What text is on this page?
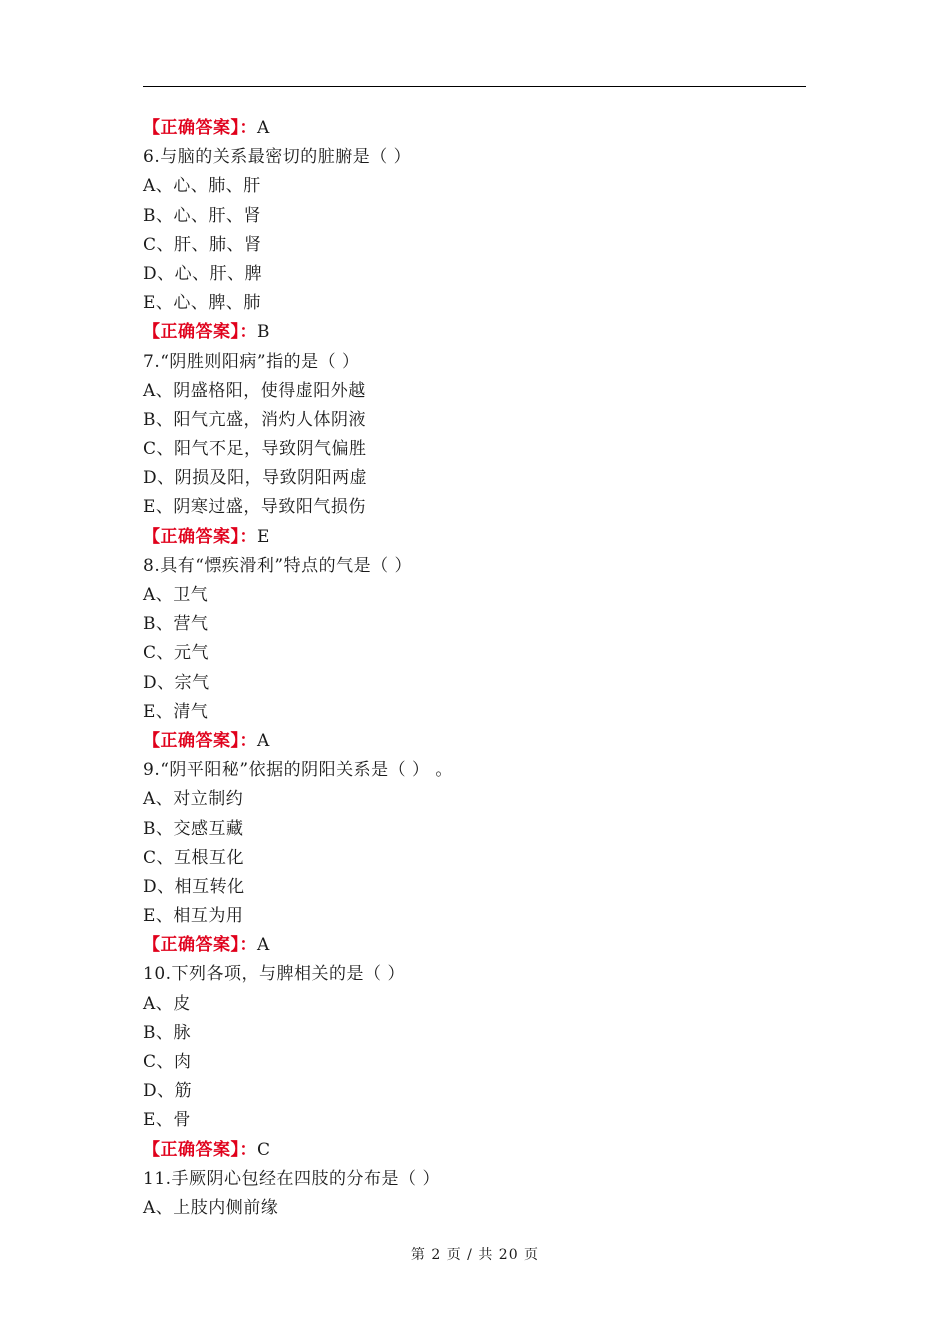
【正确答案】：A
6.与脑的关系最密切的脏腑是（ ）
A、心、肺、肝
B、心、肝、肾
C、肝、肺、肾
D、心、肝、脾
E、心、脾、肺
【正确答案】：B
7.“阴胜则阳病”指的是（ ）
A、阴盛格阳，使得虚阳外越
B、阳气亢盛，消灼人体阴液
C、阳气不足，导致阴气偏胜
D、阴损及阳，导致阴阳两虚
E、阴寒过盛，导致阳气损伤
【正确答案】：E
8.具有“慓疾滑利”特点的气是（ ）
A、卫气
B、营气
C、元气
D、宗气
E、清气
【正确答案】：A
9.“阴平阳秘”依据的阴阳关系是（ ） 。
A、对立制约
B、交感互藏
C、互根互化
D、相互转化
E、相互为用
【正确答案】：A
10.下列各项，与脾相关的是（ ）
A、皮
B、脉
C、肉
D、筋
E、骨
【正确答案】：C
11.手厥阴心包经在四肢的分布是（ ）
A、上肢内侧前缘
第 2 页 / 共 20 页
